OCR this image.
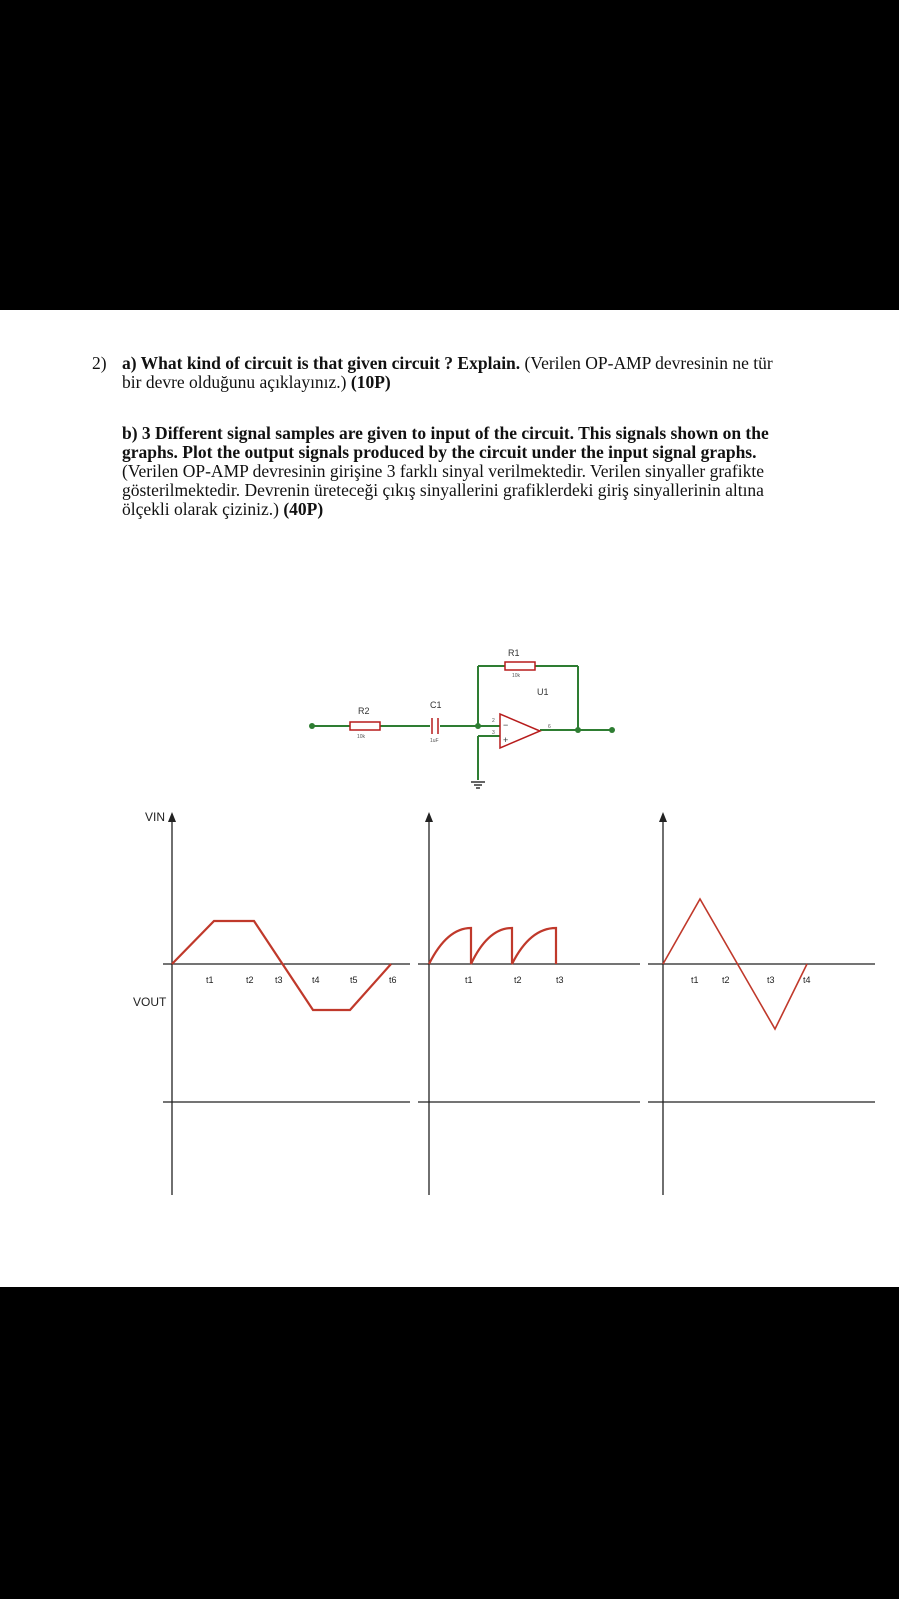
2) a) What kind of circuit is that given circuit ? Explain. (Verilen OP-AMP devresinin ne tür bir devre olduğunu açıklayınız.) (10P)
b) 3 Different signal samples are given to input of the circuit. This signals shown on the graphs. Plot the output signals produced by the circuit under the input signal graphs. (Verilen OP-AMP devresinin girişine 3 farklı sinyal verilmektedir. Verilen sinyaller grafikte gösterilmektedir. Devrenin üreteceği çıkış sinyallerini grafiklerdeki giriş sinyallerinin altına ölçekli olarak çiziniz.) (40P)
R2
10k
C1
1uF
R1
10k
U1
−
+
2
3
6
VIN
VOUT
t1	t2 t3	t4	t5	t6	t1	t2	t3	t1	t2	t3	t4
